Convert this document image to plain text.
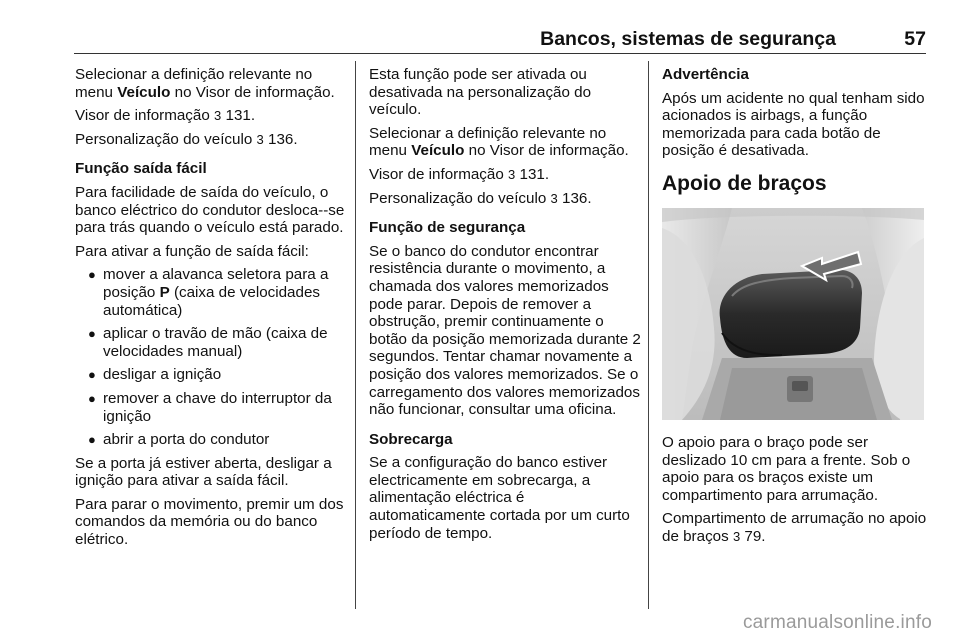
Bancos, sistemas de segurança	57

Selecionar a definição relevante no menu Veículo no Visor de informação.

Visor de informação 3 131.

Personalização do veículo 3 136.

Função saída fácil

Para facilidade de saída do veículo, o banco eléctrico do condutor desloca--se para trás quando o veículo está parado.

Para ativar a função de saída fácil:

● mover a alavanca seletora para a posição P (caixa de velocidades automática)
● aplicar o travão de mão (caixa de velocidades manual)
● desligar a ignição
● remover a chave do interruptor da ignição
● abrir a porta do condutor

Se a porta já estiver aberta, desligar a ignição para ativar a saída fácil.

Para parar o movimento, premir um dos comandos da memória ou do banco elétrico.

Esta função pode ser ativada ou desativada na personalização do veículo.

Selecionar a definição relevante no menu Veículo no Visor de informação.

Visor de informação 3 131.

Personalização do veículo 3 136.

Função de segurança

Se o banco do condutor encontrar resistência durante o movimento, a chamada dos valores memorizados pode parar. Depois de remover a obstrução, premir continuamente o botão da posição memorizada durante 2 segundos. Tentar chamar novamente a posição dos valores memorizados. Se o carregamento dos valores memorizados não funcionar, consultar uma oficina.

Sobrecarga

Se a configuração do banco estiver electricamente em sobrecarga, a alimentação eléctrica é automaticamente cortada por um curto período de tempo.

Advertência

Após um acidente no qual tenham sido acionados is airbags, a função memorizada para cada botão de posição é desativada.

Apoio de braços

O apoio para o braço pode ser deslizado 10 cm para a frente. Sob o apoio para os braços existe um compartimento para arrumação.

Compartimento de arrumação no apoio de braços 3 79.

carmanualsonline.info
